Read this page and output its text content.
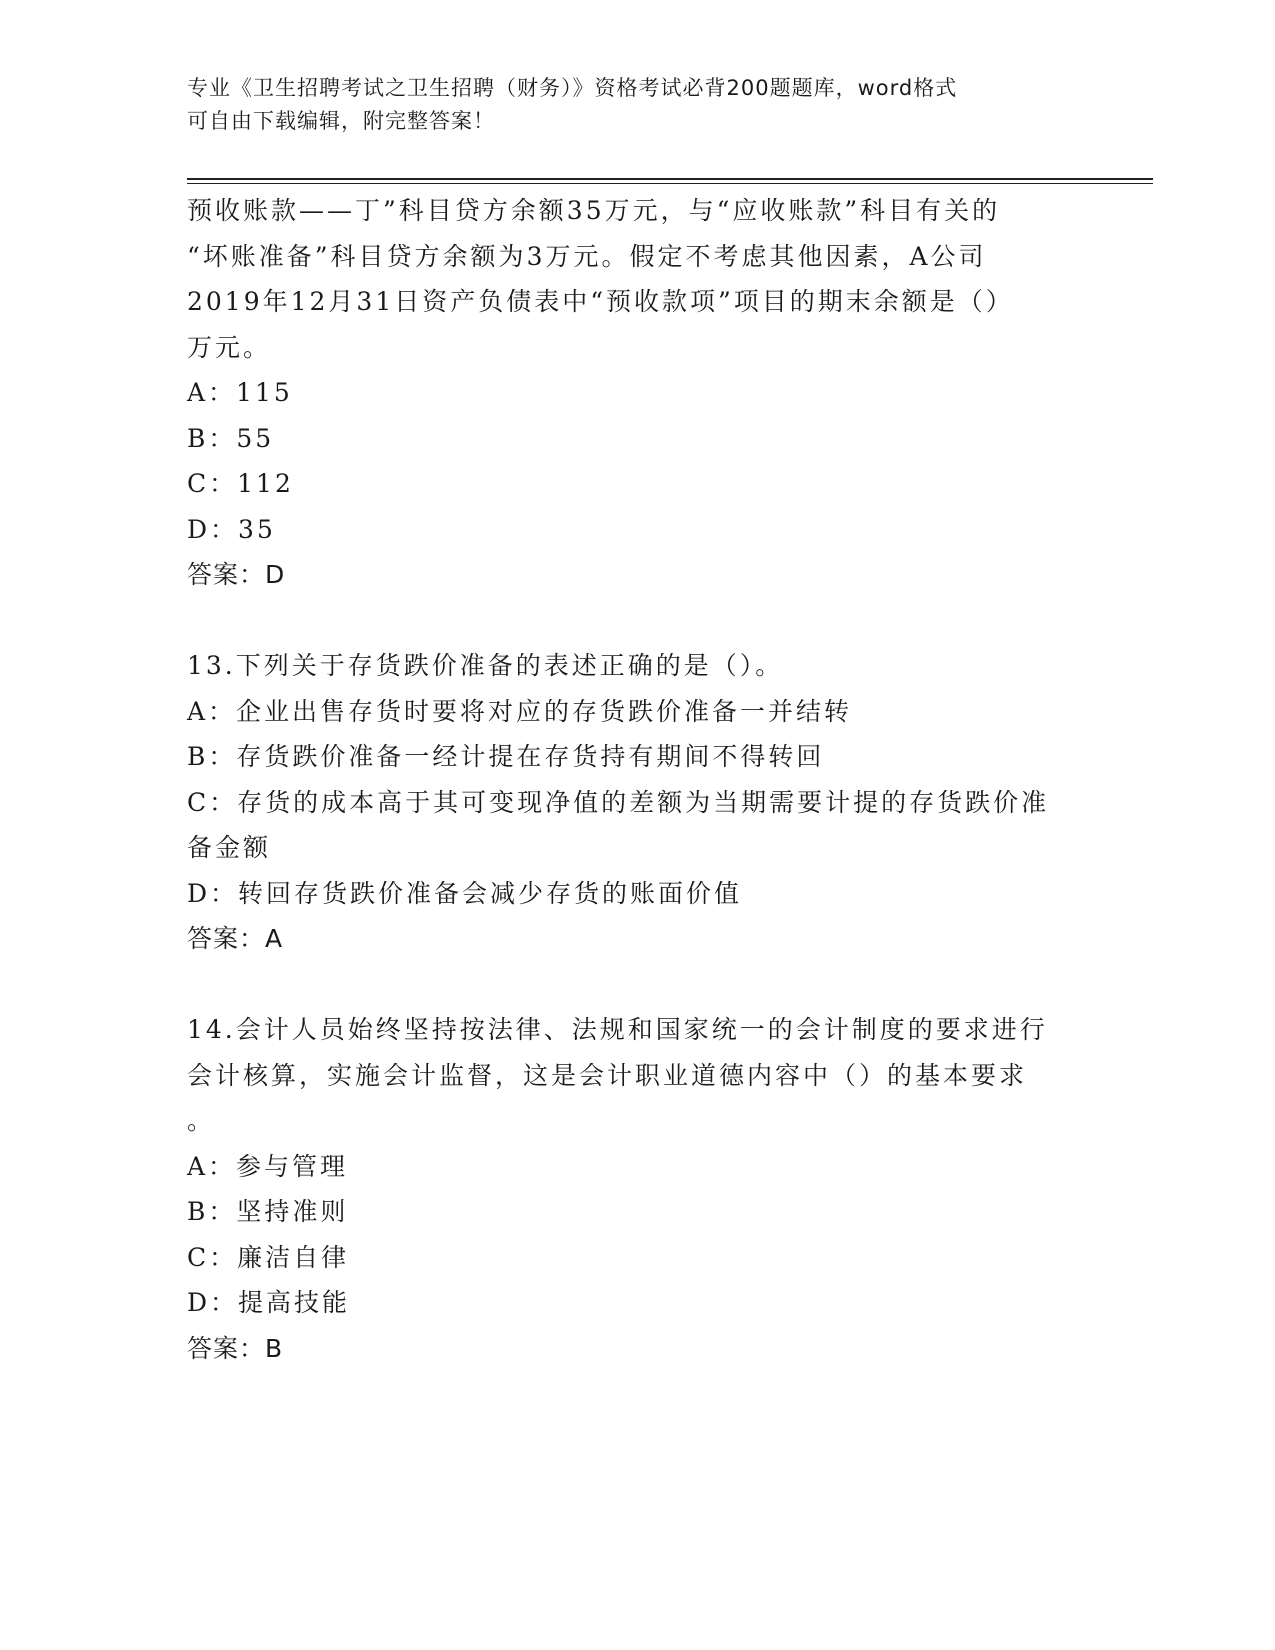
专业《卫生招聘考试之卫生招聘（财务）》资格考试必背200题题库，word格式
可自由下载编辑，附完整答案！
预收账款——丁”科目贷方余额35万元，与“应收账款”科目有关的
“坏账准备”科目贷方余额为3万元。假定不考虑其他因素，A公司
2019年12月31日资产负债表中“预收款项”项目的期末余额是（）
万元。
A：115
B：55
C：112
D：35
答案：D
13.下列关于存货跌价准备的表述正确的是（）。
A：企业出售存货时要将对应的存货跌价准备一并结转
B：存货跌价准备一经计提在存货持有期间不得转回
C：存货的成本高于其可变现净值的差额为当期需要计提的存货跌价准
备金额
D：转回存货跌价准备会减少存货的账面价值
答案：A
14.会计人员始终坚持按法律、法规和国家统一的会计制度的要求进行
会计核算，实施会计监督，这是会计职业道德内容中（）的基本要求
。
A：参与管理
B：坚持准则
C：廉洁自律
D：提高技能
答案：B
